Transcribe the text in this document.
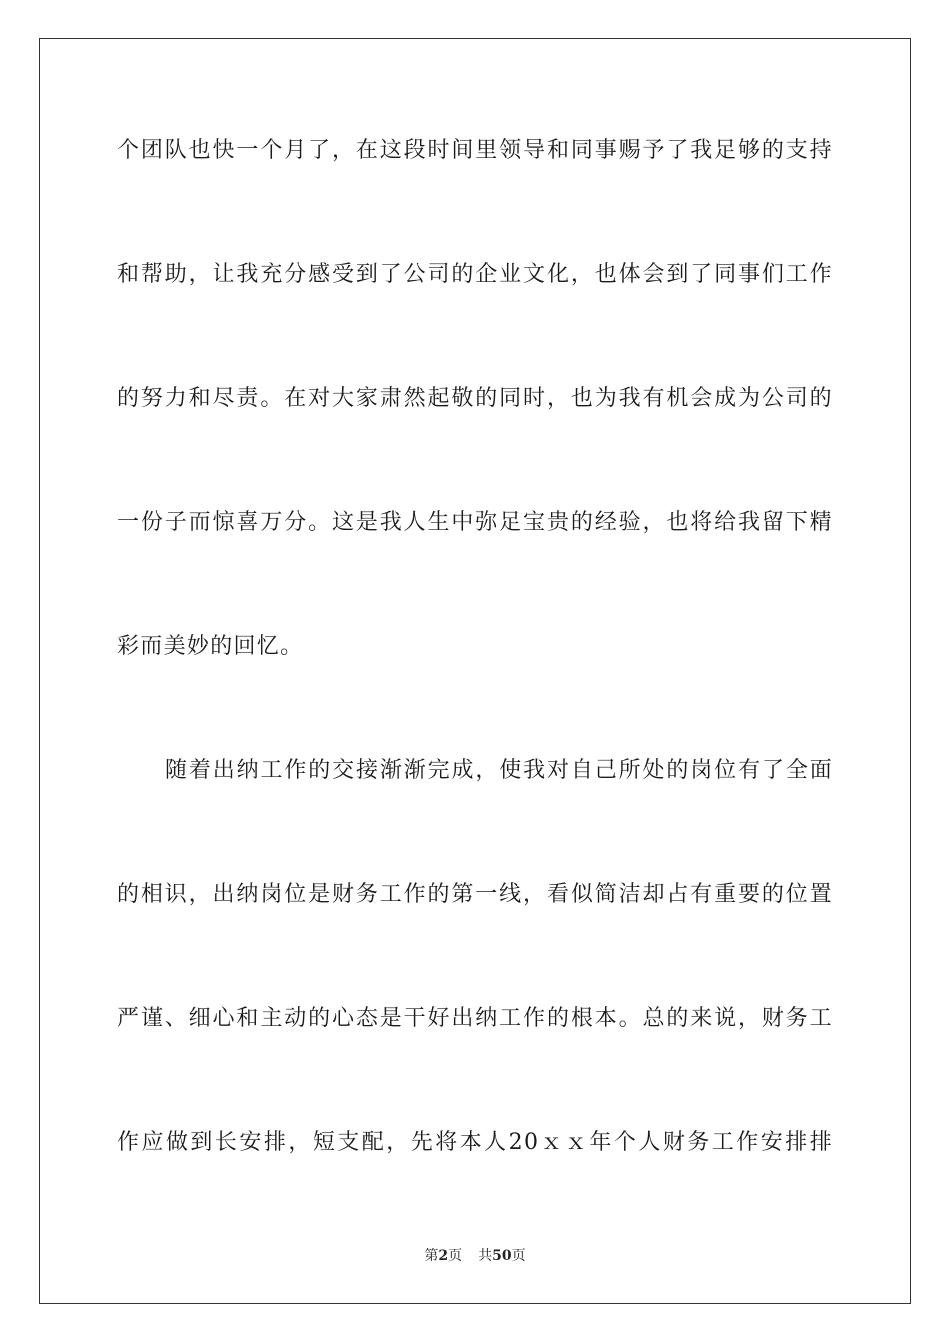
个团队也快一个月了，在这段时间里领导和同事赐予了我足够的支持
和帮助，让我充分感受到了公司的企业文化，也体会到了同事们工作
的努力和尽责。在对大家肃然起敬的同时，也为我有机会成为公司的
一份子而惊喜万分。这是我人生中弥足宝贵的经验，也将给我留下精
彩而美妙的回忆。
随着出纳工作的交接渐渐完成，使我对自己所处的岗位有了全面
的相识，出纳岗位是财务工作的第一线，看似简洁却占有重要的位置
严谨、细心和主动的心态是干好出纳工作的根本。总的来说，财务工
作应做到长安排，短支配，先将本人20ｘｘ年个人财务工作安排排
第2页 共50页
